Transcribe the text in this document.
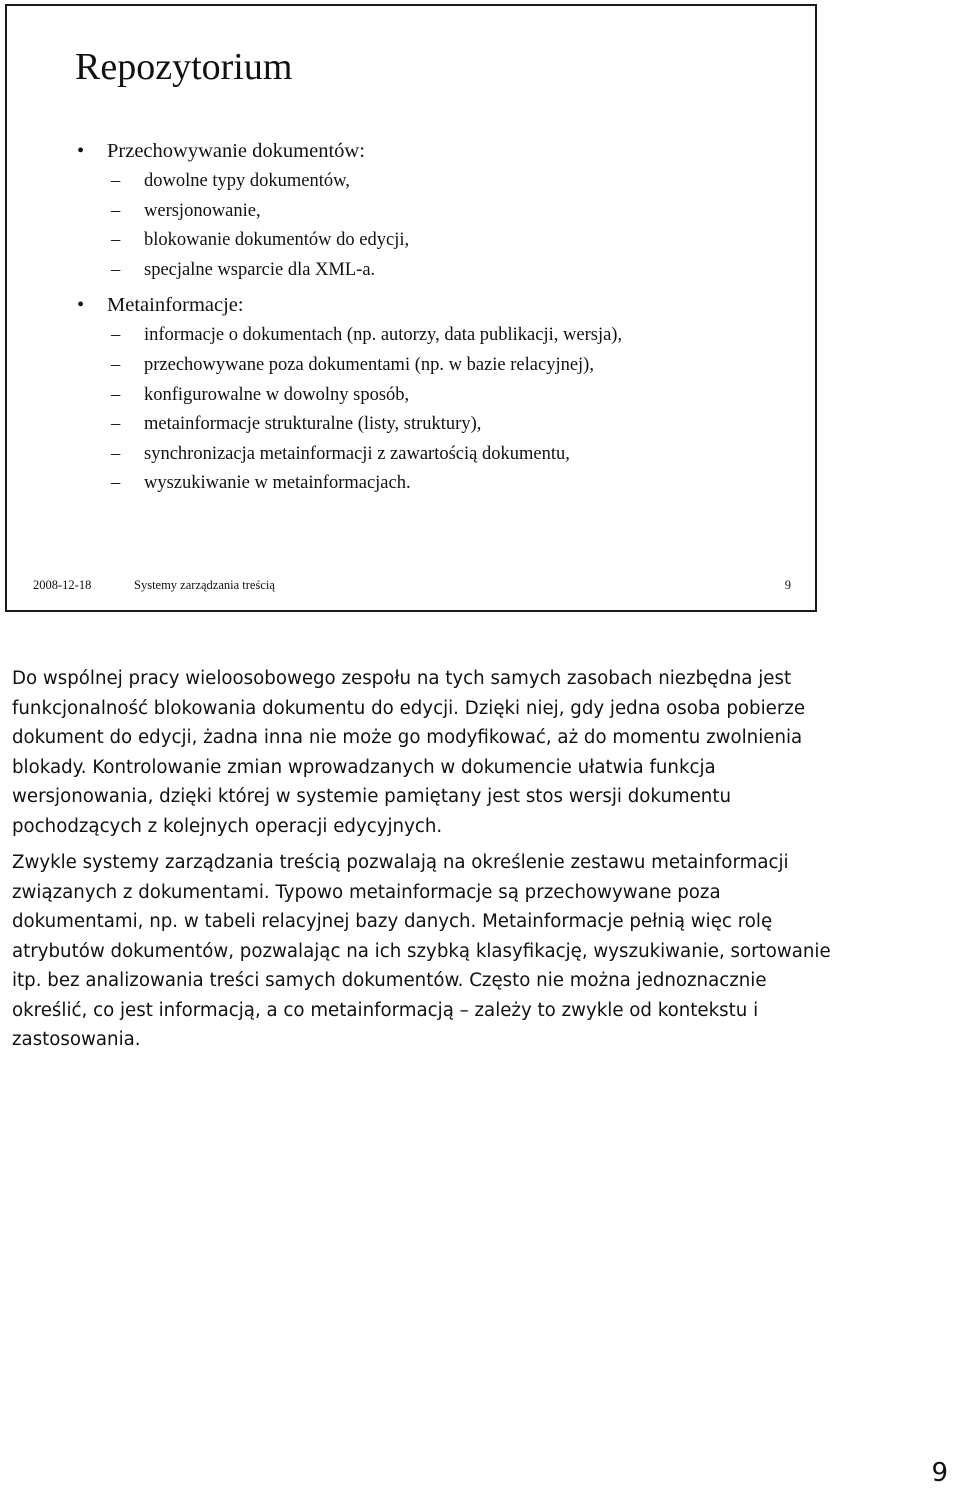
Repozytorium
• Przechowywanie dokumentów:
– dowolne typy dokumentów,
– wersjonowanie,
– blokowanie dokumentów do edycji,
– specjalne wsparcie dla XML-a.
• Metainformacje:
– informacje o dokumentach (np. autorzy, data publikacji, wersja),
– przechowywane poza dokumentami (np. w bazie relacyjnej),
– konfigurowalne w dowolny sposób,
– metainformacje strukturalne (listy, struktury),
– synchronizacja metainformacji z zawartością dokumentu,
– wyszukiwanie w metainformacjach.
2008-12-18	Systemy zarządzania treścią	9

Do wspólnej pracy wieloosobowego zespołu na tych samych zasobach niezbędna jest funkcjonalność blokowania dokumentu do edycji. Dzięki niej, gdy jedna osoba pobierze dokument do edycji, żadna inna nie może go modyfikować, aż do momentu zwolnienia blokady. Kontrolowanie zmian wprowadzanych w dokumencie ułatwia funkcja wersjonowania, dzięki której w systemie pamiętany jest stos wersji dokumentu pochodzących z kolejnych operacji edycyjnych.

Zwykle systemy zarządzania treścią pozwalają na określenie zestawu metainformacji związanych z dokumentami. Typowo metainformacje są przechowywane poza dokumentami, np. w tabeli relacyjnej bazy danych. Metainformacje pełnią więc rolę atrybutów dokumentów, pozwalając na ich szybką klasyfikację, wyszukiwanie, sortowanie itp. bez analizowania treści samych dokumentów. Często nie można jednoznacznie określić, co jest informacją, a co metainformacją – zależy to zwykle od kontekstu i zastosowania.

9
